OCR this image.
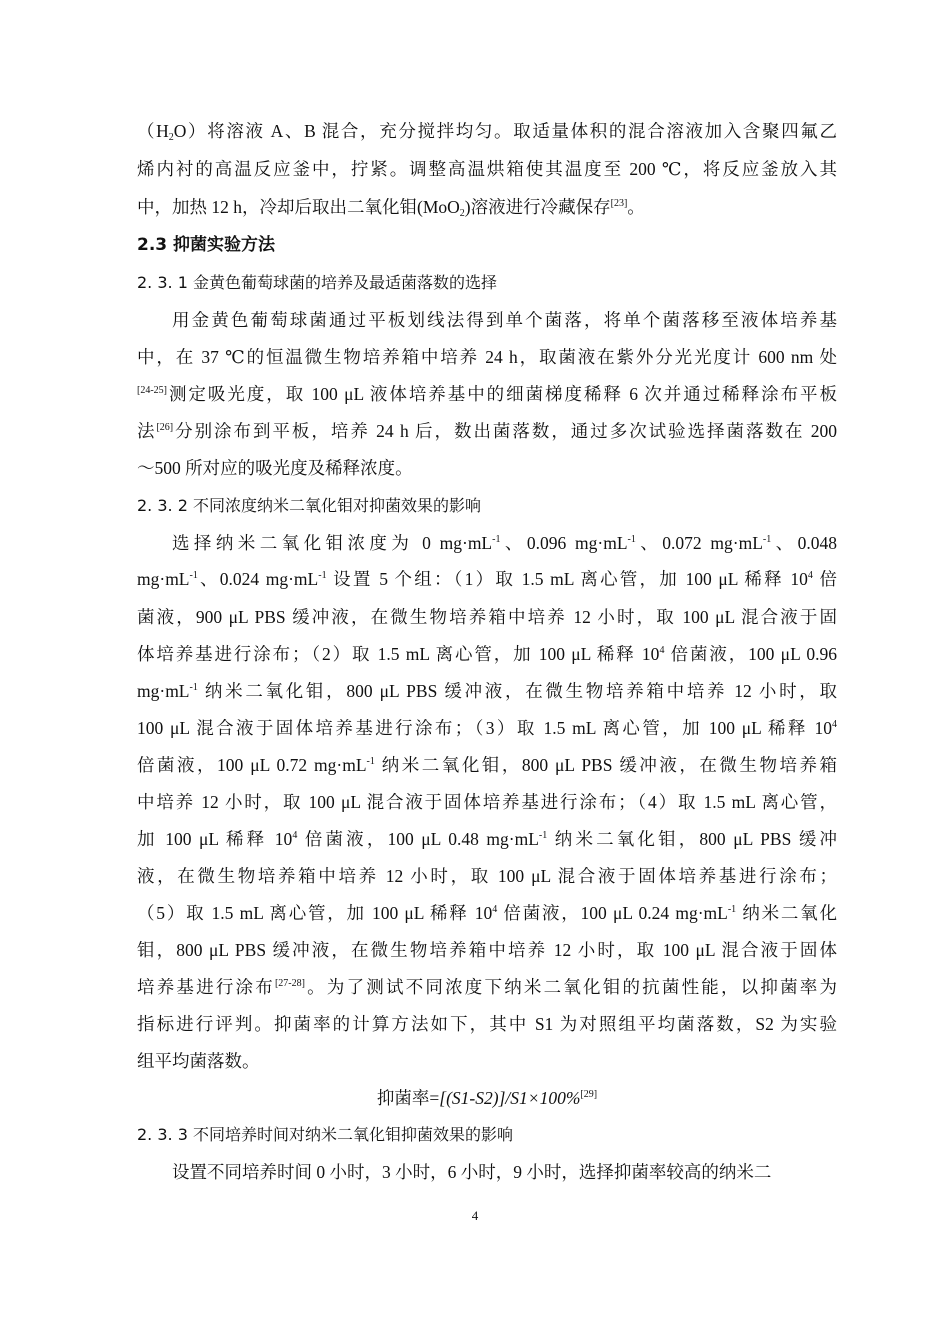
$(H_2O)$将溶液 A、B 混合，充分搅拌均匀。取适量体积的混合溶液加入含聚四氟乙
烯内衬的高温反应釜中，拧紧。调整高温烘箱使其温度至 200 ℃，将反应釜放入其
中，加热 12 h，冷却后取出二氧化钼(MoO$_2$)溶液进行冷藏保存[23]。
2.3 抑菌实验方法
2. 3. 1 金黄色葡萄球菌的培养及最适菌落数的选择
用金黄色葡萄球菌通过平板划线法得到单个菌落，将单个菌落移至液体培养基
中，在 37 ℃的恒温微生物培养箱中培养 24 h，取菌液在紫外分光光度计 600 nm 处
[24-25]测定吸光度，取 100 μL 液体培养基中的细菌梯度稀释 6 次并通过稀释涂布平板
法[26]分别涂布到平板，培养 24 h 后，数出菌落数，通过多次试验选择菌落数在 200
～500 所对应的吸光度及稀释浓度。
2. 3. 2 不同浓度纳米二氧化钼对抑菌效果的影响
选择纳米二氧化钼浓度为 0 $mg\cdot mL^{-1}$、0.096 $mg\cdot mL^{-1}$、0.072 $mg\cdot mL^{-1}$、0.048
$mg\cdot mL^{-1}$、0.024 $mg\cdot mL^{-1}$ 设置 5 个组：（1）取 1.5 mL 离心管，加 100 μL 稀释 $10^4$ 倍
菌液，900 μL PBS 缓冲液，在微生物培养箱中培养 12 小时，取 100 μL 混合液于固
体培养基进行涂布；（2）取 1.5 mL 离心管，加 100 μL 稀释 $10^4$ 倍菌液，100 μL 0.96
$mg\cdot mL^{-1}$ 纳米二氧化钼，800 μL PBS 缓冲液，在微生物培养箱中培养 12 小时，取
100 μL 混合液于固体培养基进行涂布；（3）取 1.5 mL 离心管，加 100 μL 稀释 $10^4$
倍菌液，100 μL 0.72 $mg\cdot mL^{-1}$ 纳米二氧化钼，800 μL PBS 缓冲液，在微生物培养箱
中培养 12 小时，取 100 μL 混合液于固体培养基进行涂布；（4）取 1.5 mL 离心管，
加 100 μL 稀释 $10^4$ 倍菌液，100 μL 0.48 $mg\cdot mL^{-1}$ 纳米二氧化钼，800 μL PBS 缓冲
液，在微生物培养箱中培养 12 小时，取 100 μL 混合液于固体培养基进行涂布；
（5）取 1.5 mL 离心管，加 100 μL 稀释 $10^4$ 倍菌液，100 μL 0.24 $mg\cdot mL^{-1}$ 纳米二氧化
钼，800 μL PBS 缓冲液，在微生物培养箱中培养 12 小时，取 100 μL 混合液于固体
培养基进行涂布[27-28]。为了测试不同浓度下纳米二氧化钼的抗菌性能，以抑菌率为
指标进行评判。抑菌率的计算方法如下，其中 S1 为对照组平均菌落数，S2 为实验
组平均菌落数。
抑菌率=[(S1-S2)]/S1×100%[29]
2. 3. 3 不同培养时间对纳米二氧化钼抑菌效果的影响
设置不同培养时间 0 小时，3 小时，6 小时，9 小时，选择抑菌率较高的纳米二
4
